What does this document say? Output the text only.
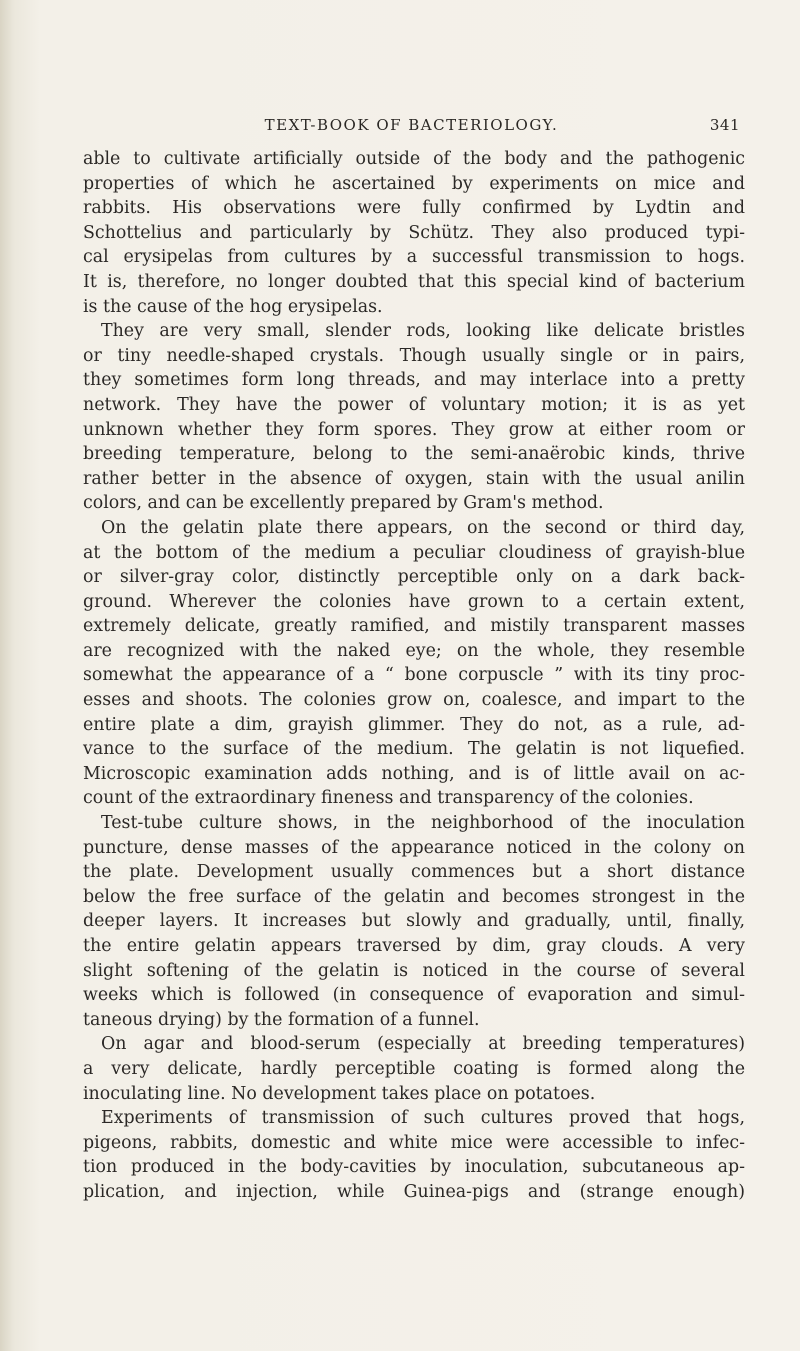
TEXT-BOOK OF BACTERIOLOGY.	341
able to cultivate artificially outside of the body and the pathogenic
properties of which he ascertained by experiments on mice and
rabbits. His observations were fully confirmed by Lydtin and
Schottelius and particularly by Schütz. They also produced typi-
cal erysipelas from cultures by a successful transmission to hogs.
It is, therefore, no longer doubted that this special kind of bacterium
is the cause of the hog erysipelas.
They are very small, slender rods, looking like delicate bristles
or tiny needle-shaped crystals. Though usually single or in pairs,
they sometimes form long threads, and may interlace into a pretty
network. They have the power of voluntary motion; it is as yet
unknown whether they form spores. They grow at either room or
breeding temperature, belong to the semi-anaërobic kinds, thrive
rather better in the absence of oxygen, stain with the usual anilin
colors, and can be excellently prepared by Gram's method.
On the gelatin plate there appears, on the second or third day,
at the bottom of the medium a peculiar cloudiness of grayish-blue
or silver-gray color, distinctly perceptible only on a dark back-
ground. Wherever the colonies have grown to a certain extent,
extremely delicate, greatly ramified, and mistily transparent masses
are recognized with the naked eye; on the whole, they resemble
somewhat the appearance of a “ bone corpuscle ” with its tiny proc-
esses and shoots. The colonies grow on, coalesce, and impart to the
entire plate a dim, grayish glimmer. They do not, as a rule, ad-
vance to the surface of the medium. The gelatin is not liquefied.
Microscopic examination adds nothing, and is of little avail on ac-
count of the extraordinary fineness and transparency of the colonies.
Test-tube culture shows, in the neighborhood of the inoculation
puncture, dense masses of the appearance noticed in the colony on
the plate. Development usually commences but a short distance
below the free surface of the gelatin and becomes strongest in the
deeper layers. It increases but slowly and gradually, until, finally,
the entire gelatin appears traversed by dim, gray clouds. A very
slight softening of the gelatin is noticed in the course of several
weeks which is followed (in consequence of evaporation and simul-
taneous drying) by the formation of a funnel.
On agar and blood-serum (especially at breeding temperatures)
a very delicate, hardly perceptible coating is formed along the
inoculating line. No development takes place on potatoes.
Experiments of transmission of such cultures proved that hogs,
pigeons, rabbits, domestic and white mice were accessible to infec-
tion produced in the body-cavities by inoculation, subcutaneous ap-
plication, and injection, while Guinea-pigs and (strange enough)
